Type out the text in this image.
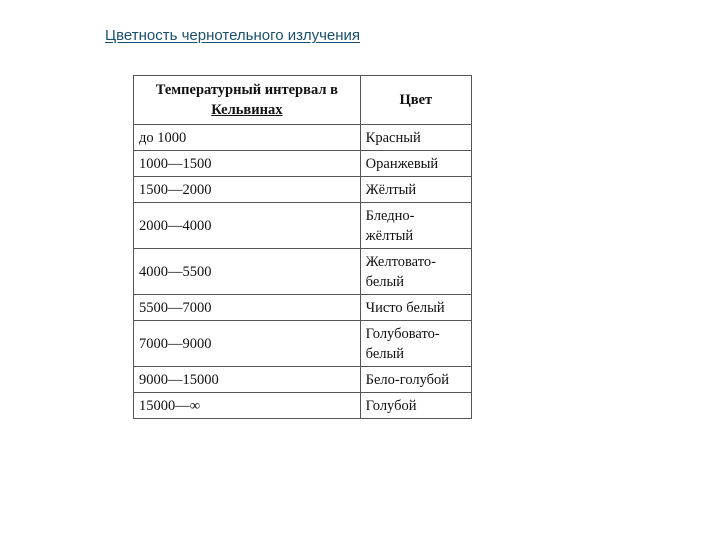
Цветность чернотельного излучения
Температурный интервал в
Кельвинах	Цвет
до 1000	Красный
1000—1500	Оранжевый
1500—2000	Жёлтый
2000—4000	Бледно-
жёлтый
4000—5500	Желтовато-
белый
5500—7000	Чисто белый
7000—9000	Голубовато-
белый
9000—15000	Бело-голубой
15000—∞	Голубой
